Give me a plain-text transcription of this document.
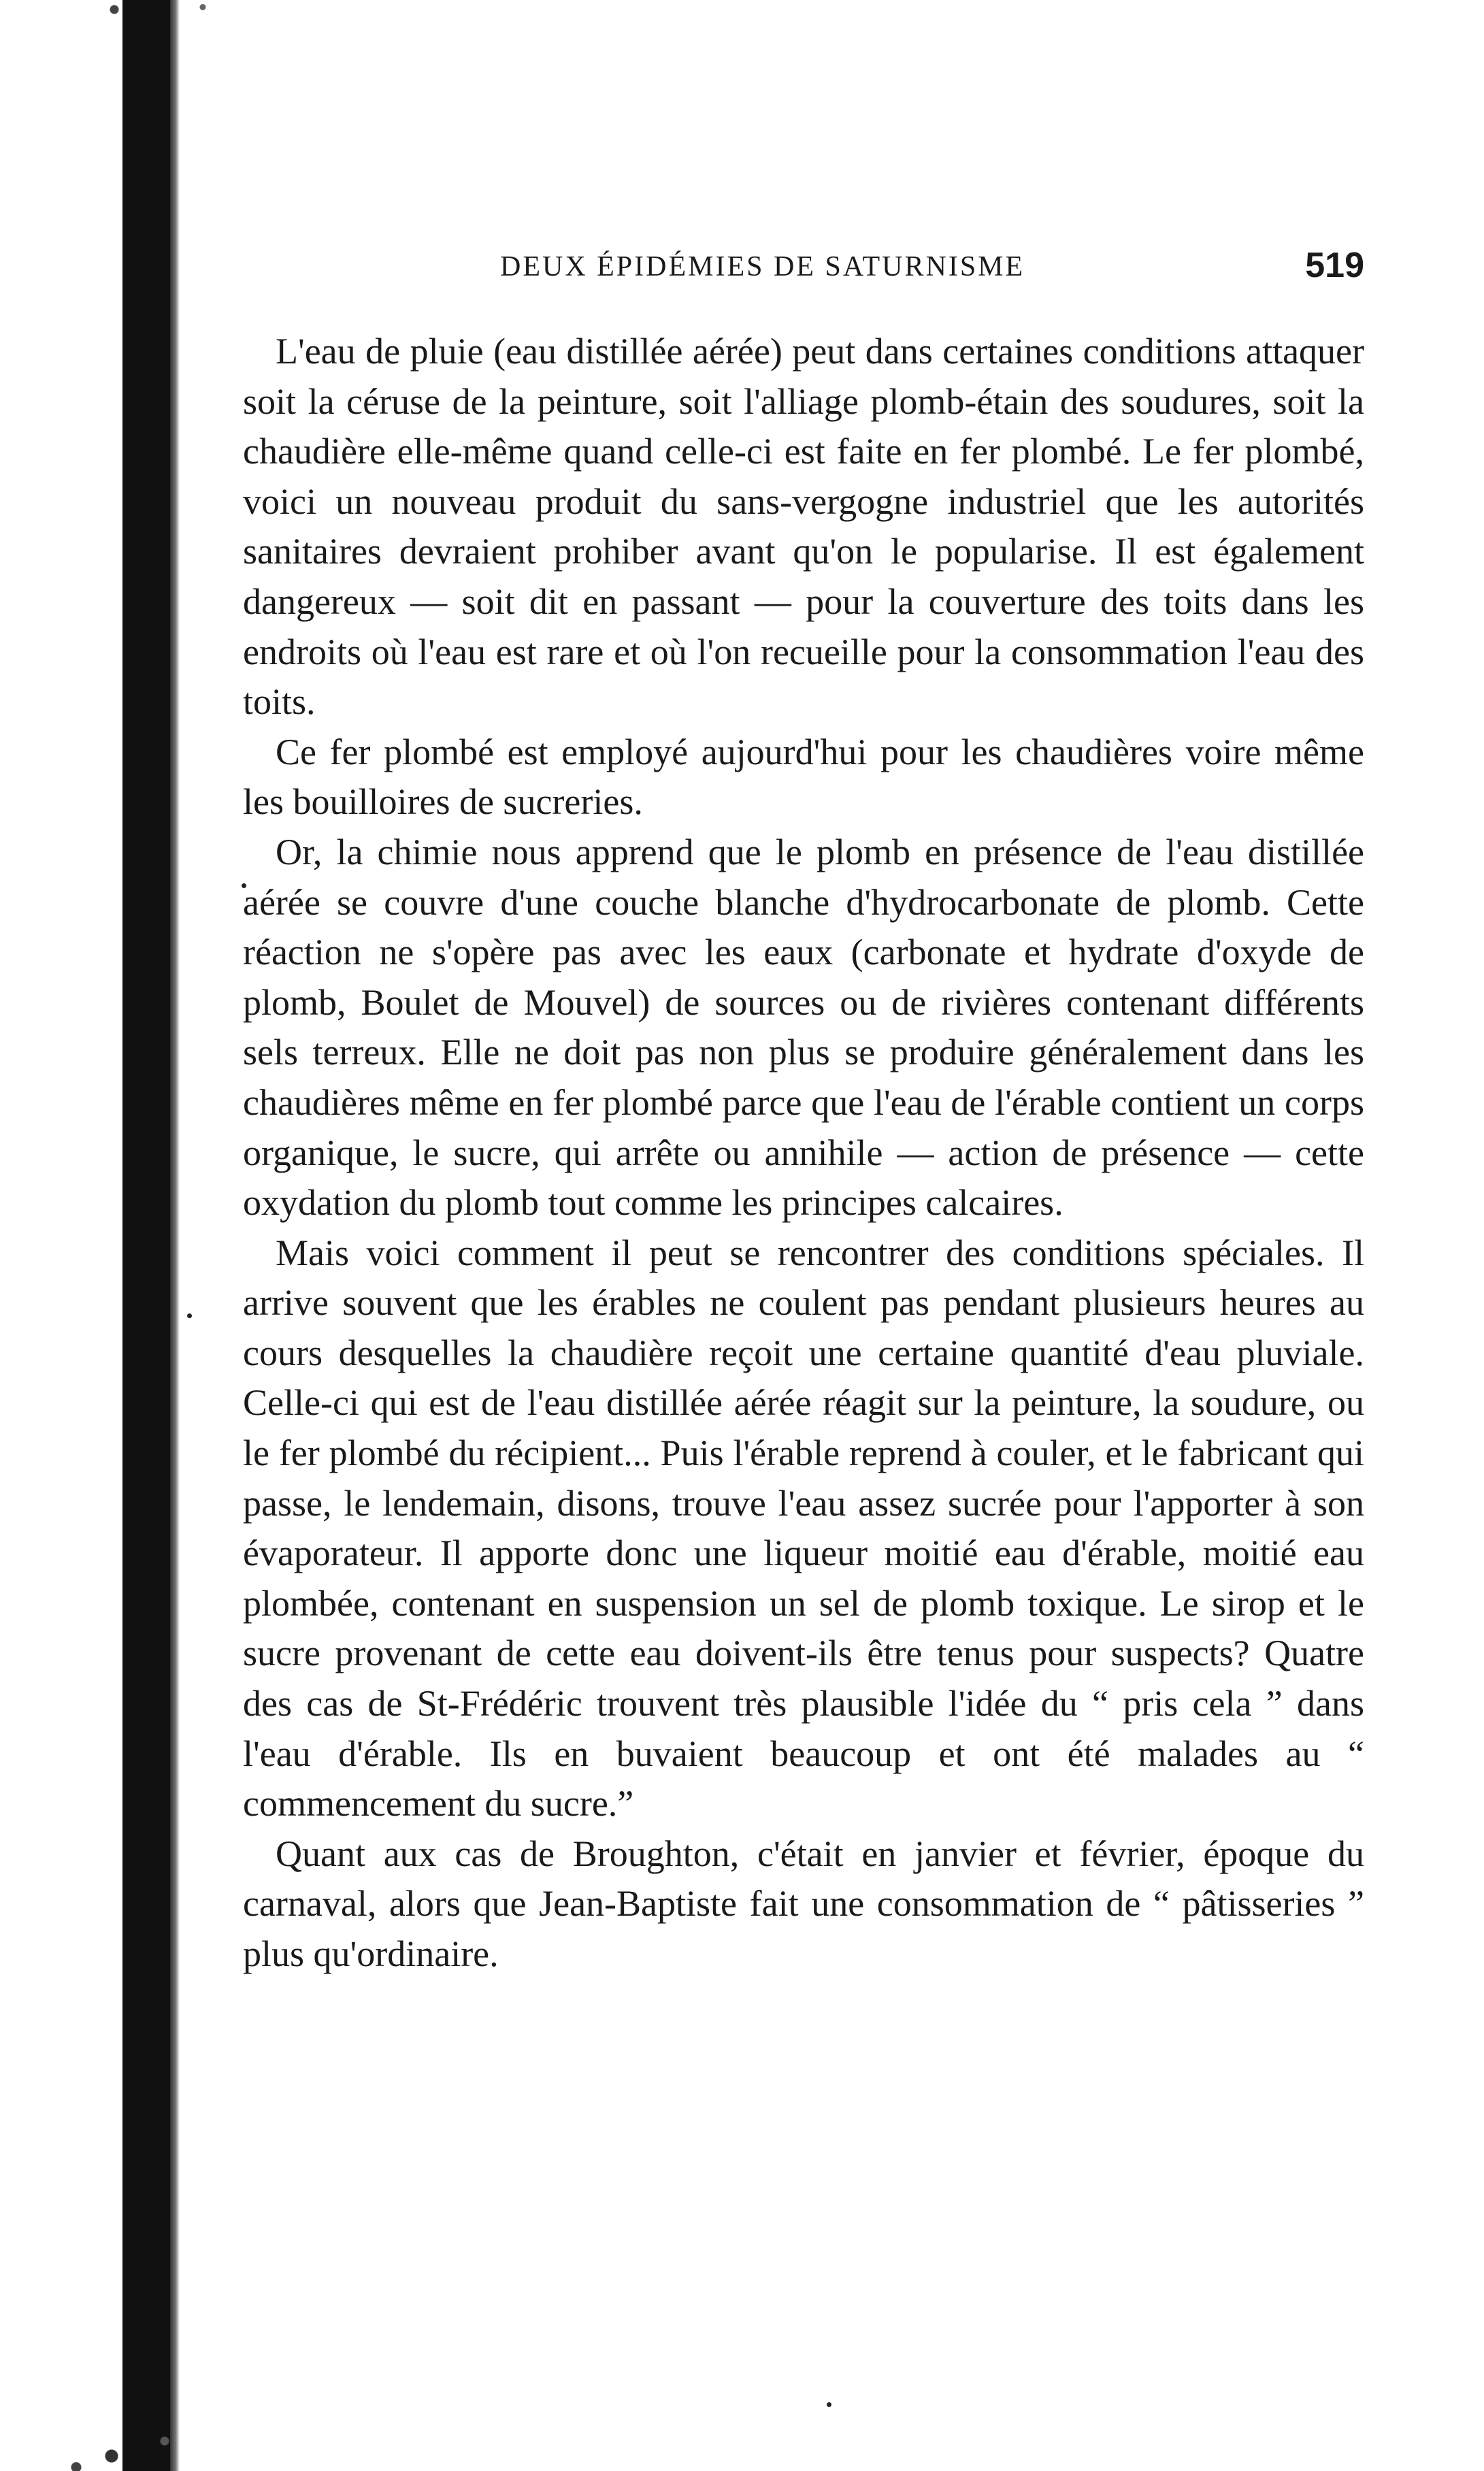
DEUX ÉPIDÉMIES DE SATURNISME	519

L'eau de pluie (eau distillée aérée) peut dans certaines conditions attaquer soit la céruse de la peinture, soit l'alliage plomb-étain des soudures, soit la chaudière elle-même quand celle-ci est faite en fer plombé. Le fer plombé, voici un nouveau produit du sans-vergogne industriel que les autorités sanitaires devraient prohiber avant qu'on le popularise. Il est également dangereux — soit dit en passant — pour la couverture des toits dans les endroits où l'eau est rare et où l'on recueille pour la consommation l'eau des toits.

Ce fer plombé est employé aujourd'hui pour les chaudières voire même les bouilloires de sucreries.

Or, la chimie nous apprend que le plomb en présence de l'eau distillée aérée se couvre d'une couche blanche d'hydrocarbonate de plomb. Cette réaction ne s'opère pas avec les eaux (carbonate et hydrate d'oxyde de plomb, Boulet de Mouvel) de sources ou de rivières contenant différents sels terreux. Elle ne doit pas non plus se produire généralement dans les chaudières même en fer plombé parce que l'eau de l'érable contient un corps organique, le sucre, qui arrête ou annihile — action de présence — cette oxydation du plomb tout comme les principes calcaires.

Mais voici comment il peut se rencontrer des conditions spéciales. Il arrive souvent que les érables ne coulent pas pendant plusieurs heures au cours desquelles la chaudière reçoit une certaine quantité d'eau pluviale. Celle-ci qui est de l'eau distillée aérée réagit sur la peinture, la soudure, ou le fer plombé du récipient... Puis l'érable reprend à couler, et le fabricant qui passe, le lendemain, disons, trouve l'eau assez sucrée pour l'apporter à son évaporateur. Il apporte donc une liqueur moitié eau d'érable, moitié eau plombée, contenant en suspension un sel de plomb toxique. Le sirop et le sucre provenant de cette eau doivent-ils être tenus pour suspects? Quatre des cas de St-Frédéric trouvent très plausible l'idée du “ pris cela ” dans l'eau d'érable. Ils en buvaient beaucoup et ont été malades au “ commencement du sucre.”

Quant aux cas de Broughton, c'était en janvier et février, époque du carnaval, alors que Jean-Baptiste fait une consommation de “ pâtisseries ” plus qu'ordinaire.
